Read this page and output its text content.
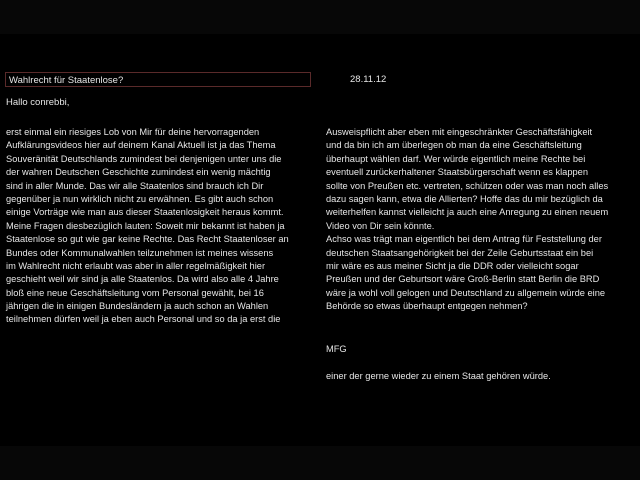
Wahlrecht für Staatenlose?	28.11.12
Hallo conrebbi,
erst einmal ein riesiges Lob von Mir für deine hervorragenden
Aufklärungsvideos hier auf deinem Kanal Aktuell ist ja das Thema
Souveränität Deutschlands zumindest bei denjenigen unter uns die
der wahren Deutschen Geschichte zumindest ein wenig mächtig
sind in aller Munde. Das wir alle Staatenlos sind brauch ich Dir
gegenüber ja nun wirklich nicht zu erwähnen. Es gibt auch schon
einige Vorträge wie man aus dieser Staatenlosigkeit heraus kommt.
Meine Fragen diesbezüglich lauten: Soweit mir bekannt ist haben ja
Staatenlose so gut wie gar keine Rechte. Das Recht Staatenloser an
Bundes oder Kommunalwahlen teilzunehmen ist meines wissens
im Wahlrecht nicht erlaubt was aber in aller regelmäßigkeit hier
geschieht weil wir sind ja alle Staatenlos. Da wird also alle 4 Jahre
bloß eine neue Geschäftsleitung vom Personal gewählt, bei 16
jährigen die in einigen Bundesländern ja auch schon an Wahlen
teilnehmen dürfen weil ja eben auch Personal und so da ja erst die
Ausweispflicht aber eben mit eingeschränkter Geschäftsfähigkeit
und da bin ich am überlegen ob man da eine Geschäftsleitung
überhaupt wählen darf. Wer würde eigentlich meine Rechte bei
eventuell zurückerhaltener Staatsbürgerschaft wenn es klappen
sollte von Preußen etc. vertreten, schützen oder was man noch alles
dazu sagen kann, etwa die Allierten? Hoffe das du mir bezüglich da
weiterhelfen kannst vielleicht ja auch eine Anregung zu einen neuem
Video von Dir sein könnte.
Achso was trägt man eigentlich bei dem Antrag für Feststellung der
deutschen Staatsangehörigkeit bei der Zeile Geburtsstaat ein bei
mir wäre es aus meiner Sicht ja die DDR oder vielleicht sogar
Preußen und der Geburtsort wäre Groß-Berlin statt Berlin die BRD
wäre ja wohl voll gelogen und Deutschland zu allgemein würde eine
Behörde so etwas überhaupt entgegen nehmen?
MFG
einer der gerne wieder zu einem Staat gehören würde.
